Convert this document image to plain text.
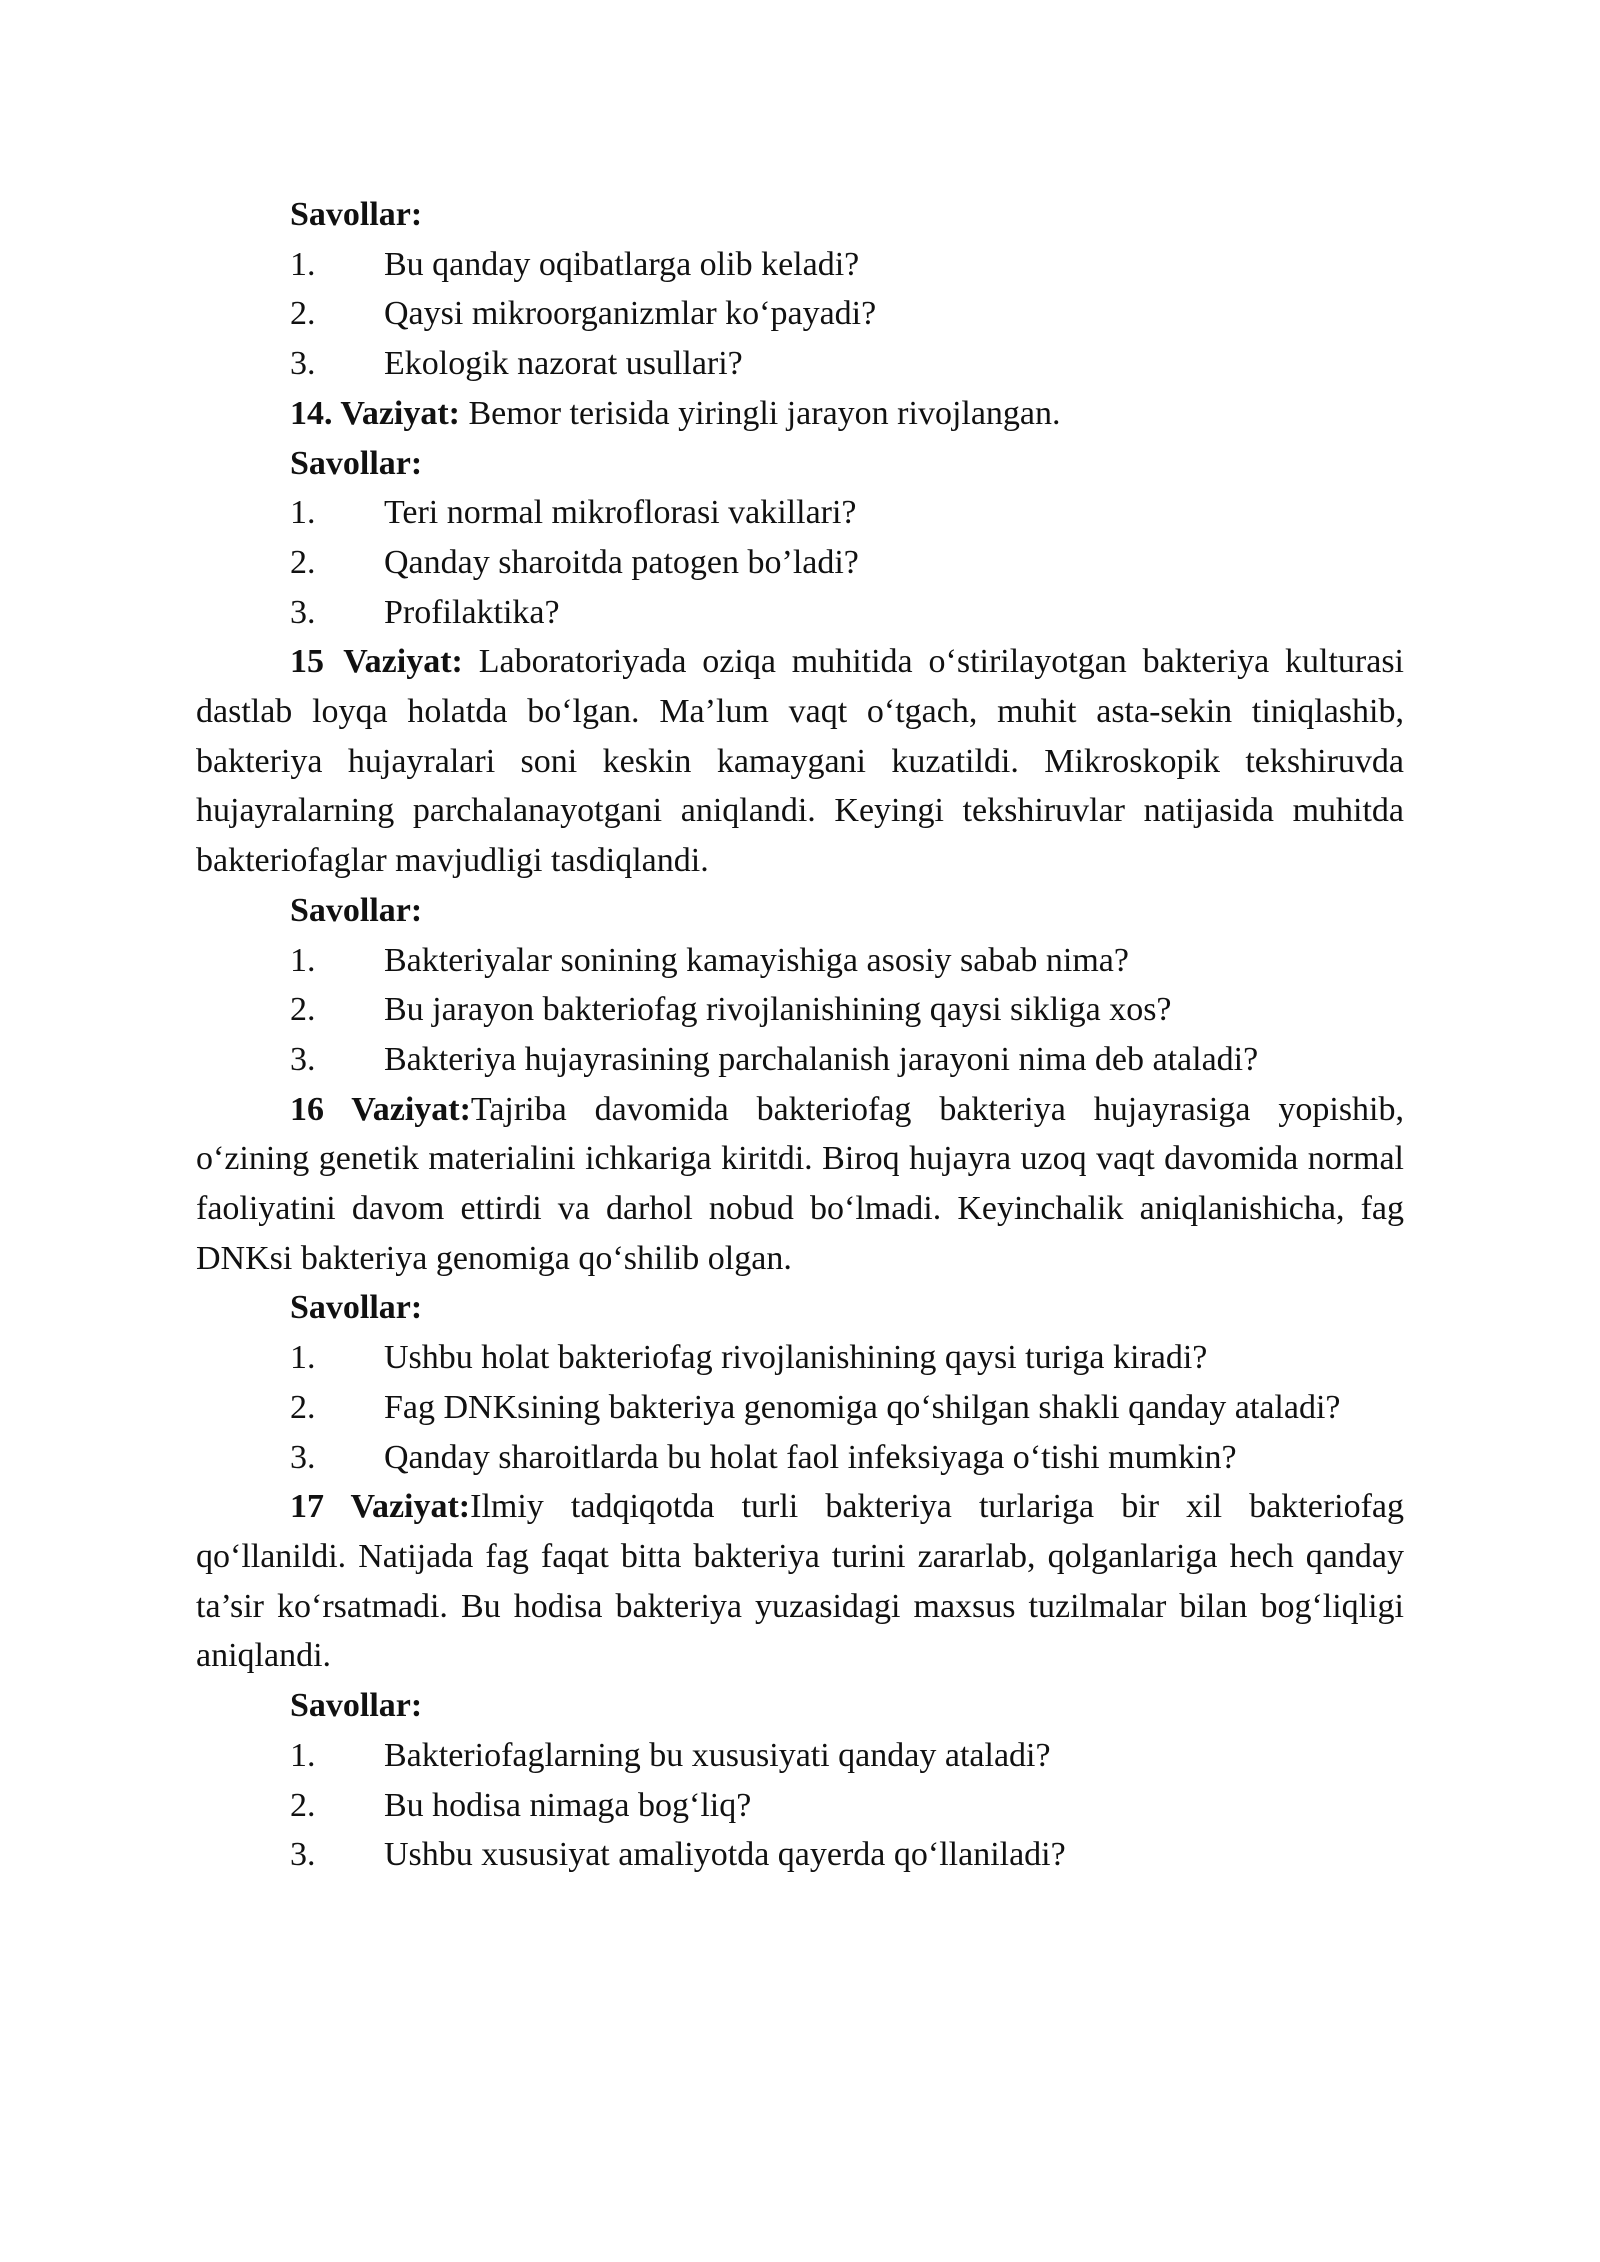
Savollar:
1.	Bu qanday oqibatlarga olib keladi?
2.	Qaysi mikroorganizmlar ko‘payadi?
3.	Ekologik nazorat usullari?
14. Vaziyat: Bemor terisida yiringli jarayon rivojlangan.
Savollar:
1.	Teri normal mikroflorasi vakillari?
2.	Qanday sharoitda patogen bo’ladi?
3.	Profilaktika?
15 Vaziyat: Laboratoriyada oziqa muhitida o‘stirilayotgan bakteriya kulturasi dastlab loyqa holatda bo‘lgan. Ma’lum vaqt o‘tgach, muhit asta-sekin tiniqlashib, bakteriya hujayralari soni keskin kamaygani kuzatildi. Mikroskopik tekshiruvda hujayralarning parchalanayotgani aniqlandi. Keyingi tekshiruvlar natijasida muhitda bakteriofaglar mavjudligi tasdiqlandi.
Savollar:
1.	Bakteriyalar sonining kamayishiga asosiy sabab nima?
2.	Bu jarayon bakteriofag rivojlanishining qaysi sikliga xos?
3.	Bakteriya hujayrasining parchalanish jarayoni nima deb ataladi?
16 Vaziyat:Tajriba davomida bakteriofag bakteriya hujayrasiga yopishib, o‘zining genetik materialini ichkariga kiritdi. Biroq hujayra uzoq vaqt davomida normal faoliyatini davom ettirdi va darhol nobud bo‘lmadi. Keyinchalik aniqlanishicha, fag DNKsi bakteriya genomiga qo‘shilib olgan.
Savollar:
1.	Ushbu holat bakteriofag rivojlanishining qaysi turiga kiradi?
2. Fag DNKsining bakteriya genomiga qo‘shilgan shakli qanday ataladi?
3.	Qanday sharoitlarda bu holat faol infeksiyaga o‘tishi mumkin?
17 Vaziyat:Ilmiy tadqiqotda turli bakteriya turlariga bir xil bakteriofag qo‘llanildi. Natijada fag faqat bitta bakteriya turini zararlab, qolganlariga hech qanday ta’sir ko‘rsatmadi. Bu hodisa bakteriya yuzasidagi maxsus tuzilmalar bilan bog‘liqligi aniqlandi.
Savollar:
1.	Bakteriofaglarning bu xususiyati qanday ataladi?
2.	Bu hodisa nimaga bog‘liq?
3.	Ushbu xususiyat amaliyotda qayerda qo‘llaniladi?
